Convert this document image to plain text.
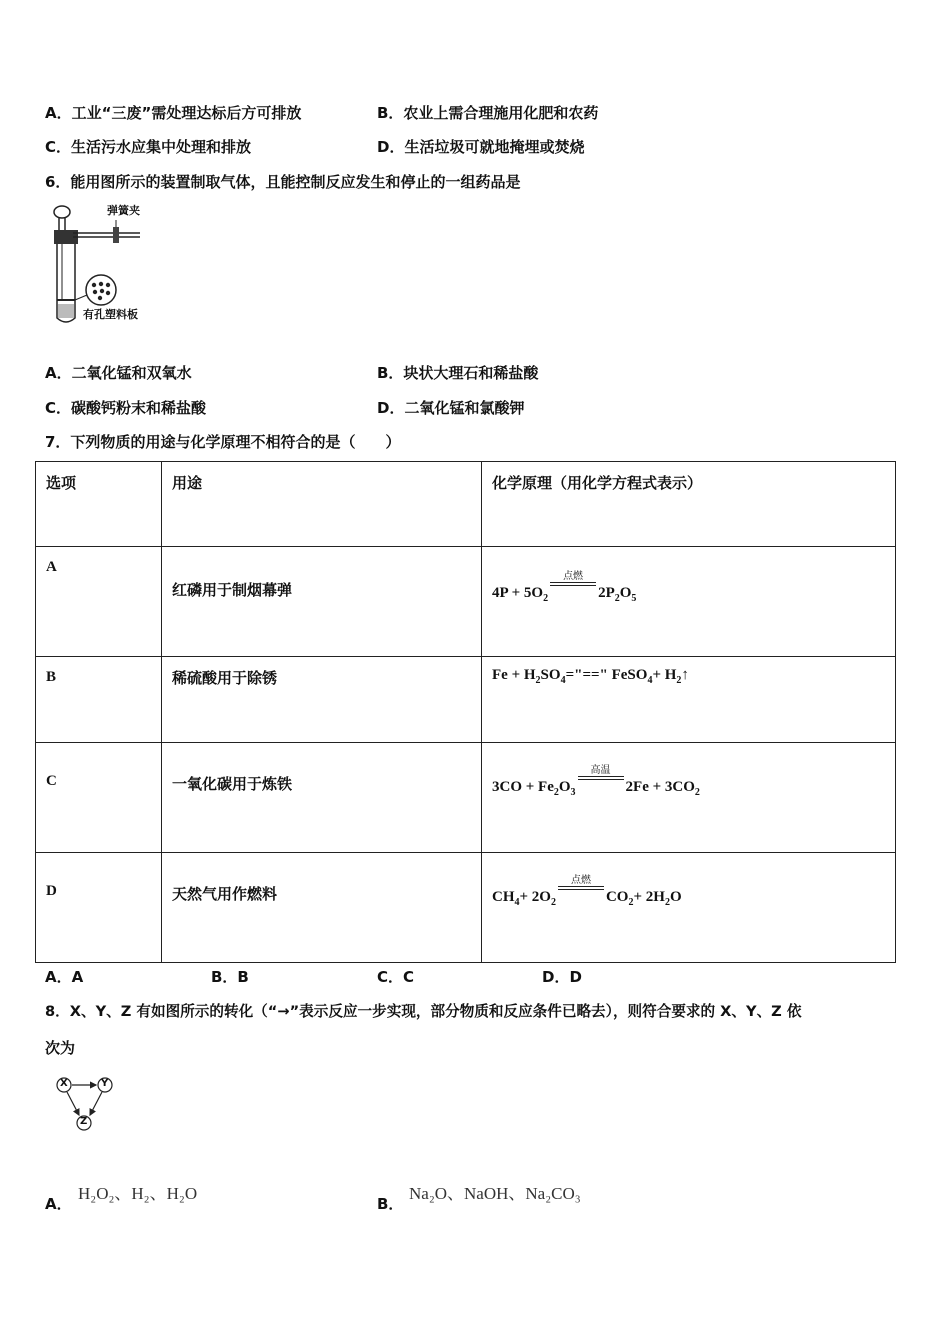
A．工业“三废”需处理达标后方可排放	B．农业上需合理施用化肥和农药
C．生活污水应集中处理和排放	D．生活垃圾可就地掩埋或焚烧
6．能用图所示的装置制取气体，且能控制反应发生和停止的一组药品是
弹簧夹
有孔塑料板
A．二氧化锰和双氧水	B．块状大理石和稀盐酸
C．碳酸钙粉末和稀盐酸	D．二氧化锰和氯酸钾
7．下列物质的用途与化学原理不相符合的是（　　）
选项	用途	化学原理（用化学方程式表示）
A	红磷用于制烟幕弹	$4P + 5O_2$
点燃
$2P_2O_5$

B	稀硫酸用于除锈	$Fe + H_2SO_4="==$" FeSO$_4$+ $H_2↑$

C	一氧化碳用于炼铁	$3CO + Fe_2O_3$
高温
$2Fe + 3CO_2$

D	天然气用作燃料	$CH_4+ 2O_2$
点燃
$CO_2+ 2H_2O$
A．A	B．B	C．C	D．D
8．X、Y、Z 有如图所示的转化（“→”表示反应一步实现，部分物质和反应条件已略去），则符合要求的 X、Y、Z 依
次为
X	Y
Z
A．
H₂O₂、H₂、H₂O
B．
Na₂O、NaOH、Na₂CO₃
